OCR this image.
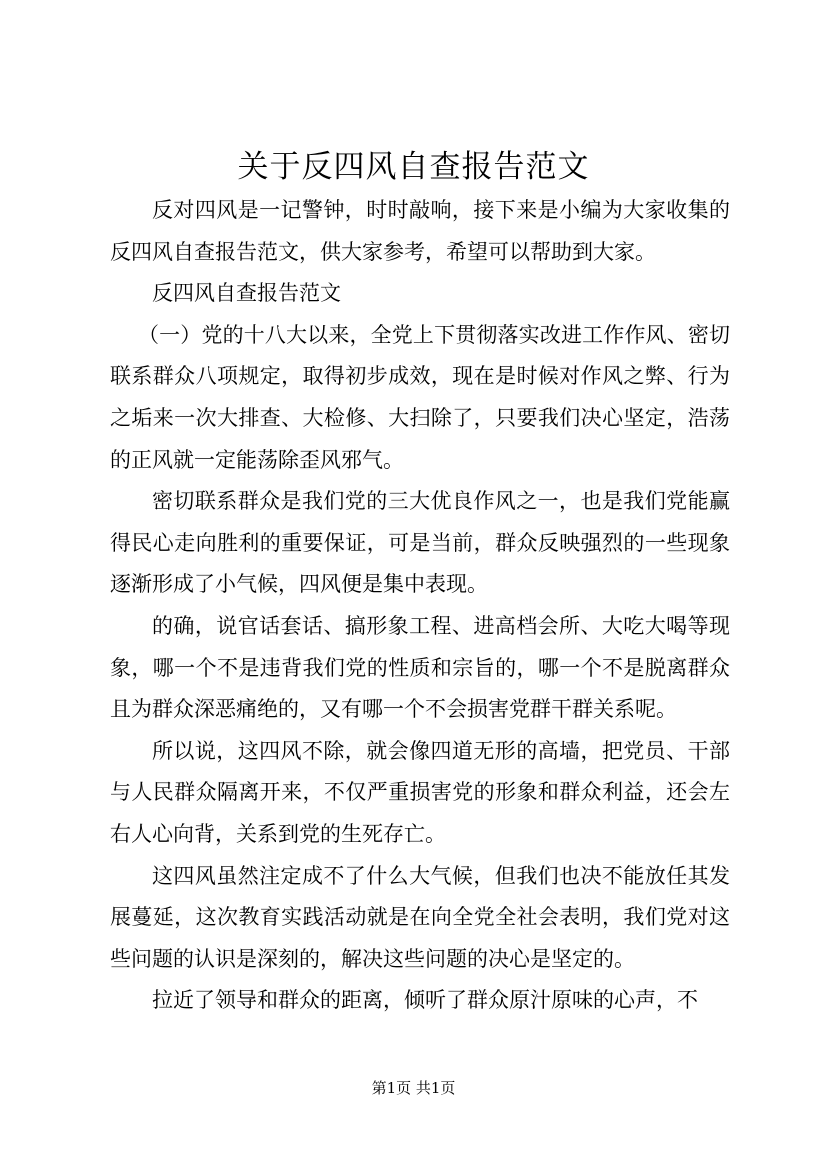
关于反四风自查报告范文

反对四风是一记警钟，时时敲响，接下来是小编为大家收集的反四风自查报告范文，供大家参考，希望可以帮助到大家。

反四风自查报告范文

（一）党的十八大以来，全党上下贯彻落实改进工作作风、密切联系群众八项规定，取得初步成效，现在是时候对作风之弊、行为之垢来一次大排查、大检修、大扫除了，只要我们决心坚定，浩荡的正风就一定能荡除歪风邪气。

密切联系群众是我们党的三大优良作风之一，也是我们党能赢得民心走向胜利的重要保证，可是当前，群众反映强烈的一些现象逐渐形成了小气候，四风便是集中表现。

的确，说官话套话、搞形象工程、进高档会所、大吃大喝等现象，哪一个不是违背我们党的性质和宗旨的，哪一个不是脱离群众且为群众深恶痛绝的，又有哪一个不会损害党群干群关系呢。

所以说，这四风不除，就会像四道无形的高墙，把党员、干部与人民群众隔离开来，不仅严重损害党的形象和群众利益，还会左右人心向背，关系到党的生死存亡。

这四风虽然注定成不了什么大气候，但我们也决不能放任其发展蔓延，这次教育实践活动就是在向全党全社会表明，我们党对这些问题的认识是深刻的，解决这些问题的决心是坚定的。

拉近了领导和群众的距离，倾听了群众原汁原味的心声，不

第1页 共1页
